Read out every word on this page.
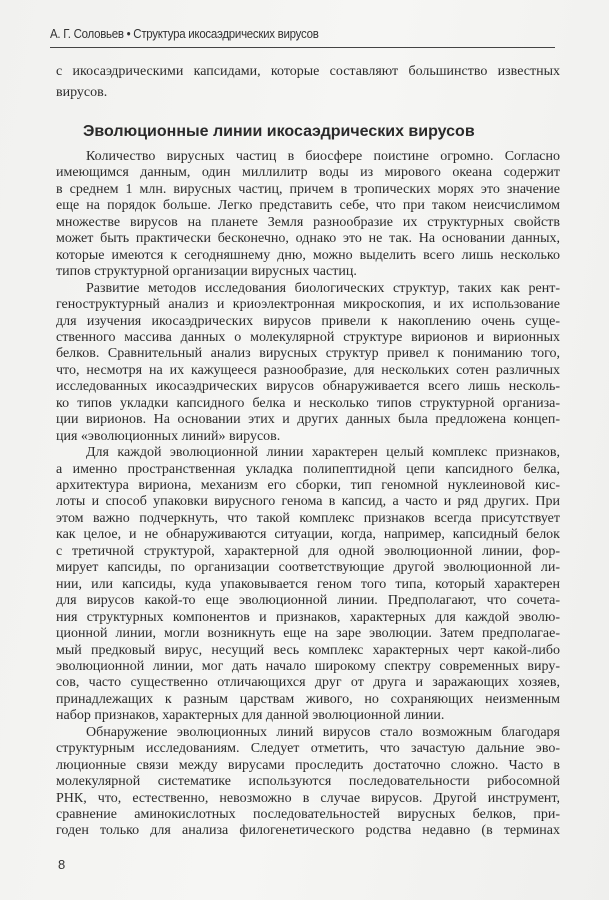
А. Г. Соловьев • Структура икосаэдрических вирусов
с икосаэдрическими капсидами, которые составляют большинство известных
вирусов.
Эволюционные линии икосаэдрических вирусов
Количество вирусных частиц в биосфере поистине огромно. Согласно
имеющимся данным, один миллилитр воды из мирового океана содержит
в среднем 1 млн. вирусных частиц, причем в тропических морях это значение
еще на порядок больше. Легко представить себе, что при таком неисчислимом
множестве вирусов на планете Земля разнообразие их структурных свойств
может быть практически бесконечно, однако это не так. На основании данных,
которые имеются к сегодняшнему дню, можно выделить всего лишь несколько
типов структурной организации вирусных частиц.
Развитие методов исследования биологических структур, таких как рент-
геноструктурный анализ и криоэлектронная микроскопия, и их использование
для изучения икосаэдрических вирусов привели к накоплению очень суще-
ственного массива данных о молекулярной структуре вирионов и вирионных
белков. Сравнительный анализ вирусных структур привел к пониманию того,
что, несмотря на их кажущееся разнообразие, для нескольких сотен различных
исследованных икосаэдрических вирусов обнаруживается всего лишь несколь-
ко типов укладки капсидного белка и несколько типов структурной организа-
ции вирионов. На основании этих и других данных была предложена концеп-
ция «эволюционных линий» вирусов.
Для каждой эволюционной линии характерен целый комплекс признаков,
а именно пространственная укладка полипептидной цепи капсидного белка,
архитектура вириона, механизм его сборки, тип геномной нуклеиновой кис-
лоты и способ упаковки вирусного генома в капсид, а часто и ряд других. При
этом важно подчеркнуть, что такой комплекс признаков всегда присутствует
как целое, и не обнаруживаются ситуации, когда, например, капсидный белок
с третичной структурой, характерной для одной эволюционной линии, фор-
мирует капсиды, по организации соответствующие другой эволюционной ли-
нии, или капсиды, куда упаковывается геном того типа, который характерен
для вирусов какой-то еще эволюционной линии. Предполагают, что сочета-
ния структурных компонентов и признаков, характерных для каждой эволю-
ционной линии, могли возникнуть еще на заре эволюции. Затем предполагае-
мый предковый вирус, несущий весь комплекс характерных черт какой-либо
эволюционной линии, мог дать начало широкому спектру современных виру-
сов, часто существенно отличающихся друг от друга и заражающих хозяев,
принадлежащих к разным царствам живого, но сохраняющих неизменным
набор признаков, характерных для данной эволюционной линии.
Обнаружение эволюционных линий вирусов стало возможным благодаря
структурным исследованиям. Следует отметить, что зачастую дальние эво-
люционные связи между вирусами проследить достаточно сложно. Часто в
молекулярной систематике используются последовательности рибосомной
РНК, что, естественно, невозможно в случае вирусов. Другой инструмент,
сравнение аминокислотных последовательностей вирусных белков, при-
годен только для анализа филогенетического родства недавно (в терминах
8
